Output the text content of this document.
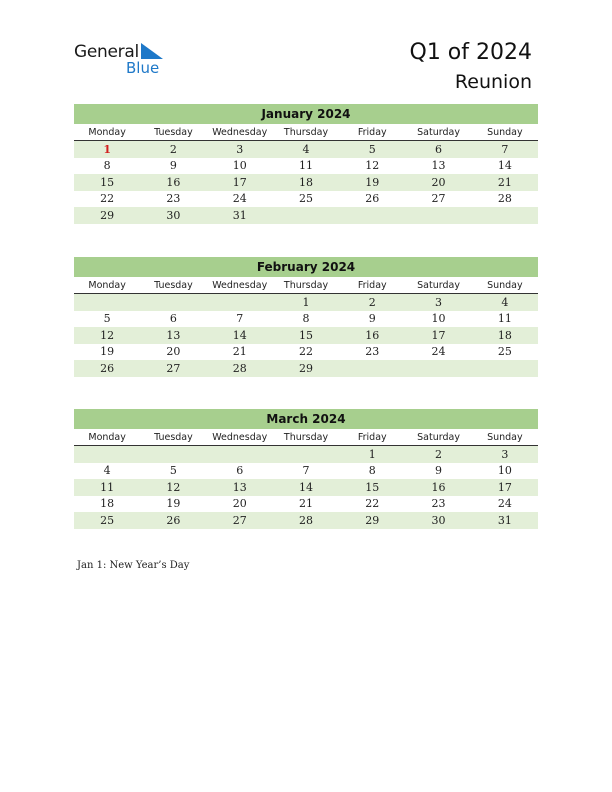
General
Blue
Q1 of 2024
Reunion
January 2024
Monday	Tuesday	Wednesday	Thursday	Friday	Saturday	Sunday
1	2	3	4	5	6	7
8	9	10	11	12	13	14
15	16	17	18	19	20	21
22	23	24	25	26	27	28
29	30	31				
February 2024
Monday	Tuesday	Wednesday	Thursday	Friday	Saturday	Sunday
			1	2	3	4
5	6	7	8	9	10	11
12	13	14	15	16	17	18
19	20	21	22	23	24	25
26	27	28	29			
March 2024
Monday	Tuesday	Wednesday	Thursday	Friday	Saturday	Sunday
				1	2	3
4	5	6	7	8	9	10
11	12	13	14	15	16	17
18	19	20	21	22	23	24
25	26	27	28	29	30	31
Jan 1: New Year’s Day
